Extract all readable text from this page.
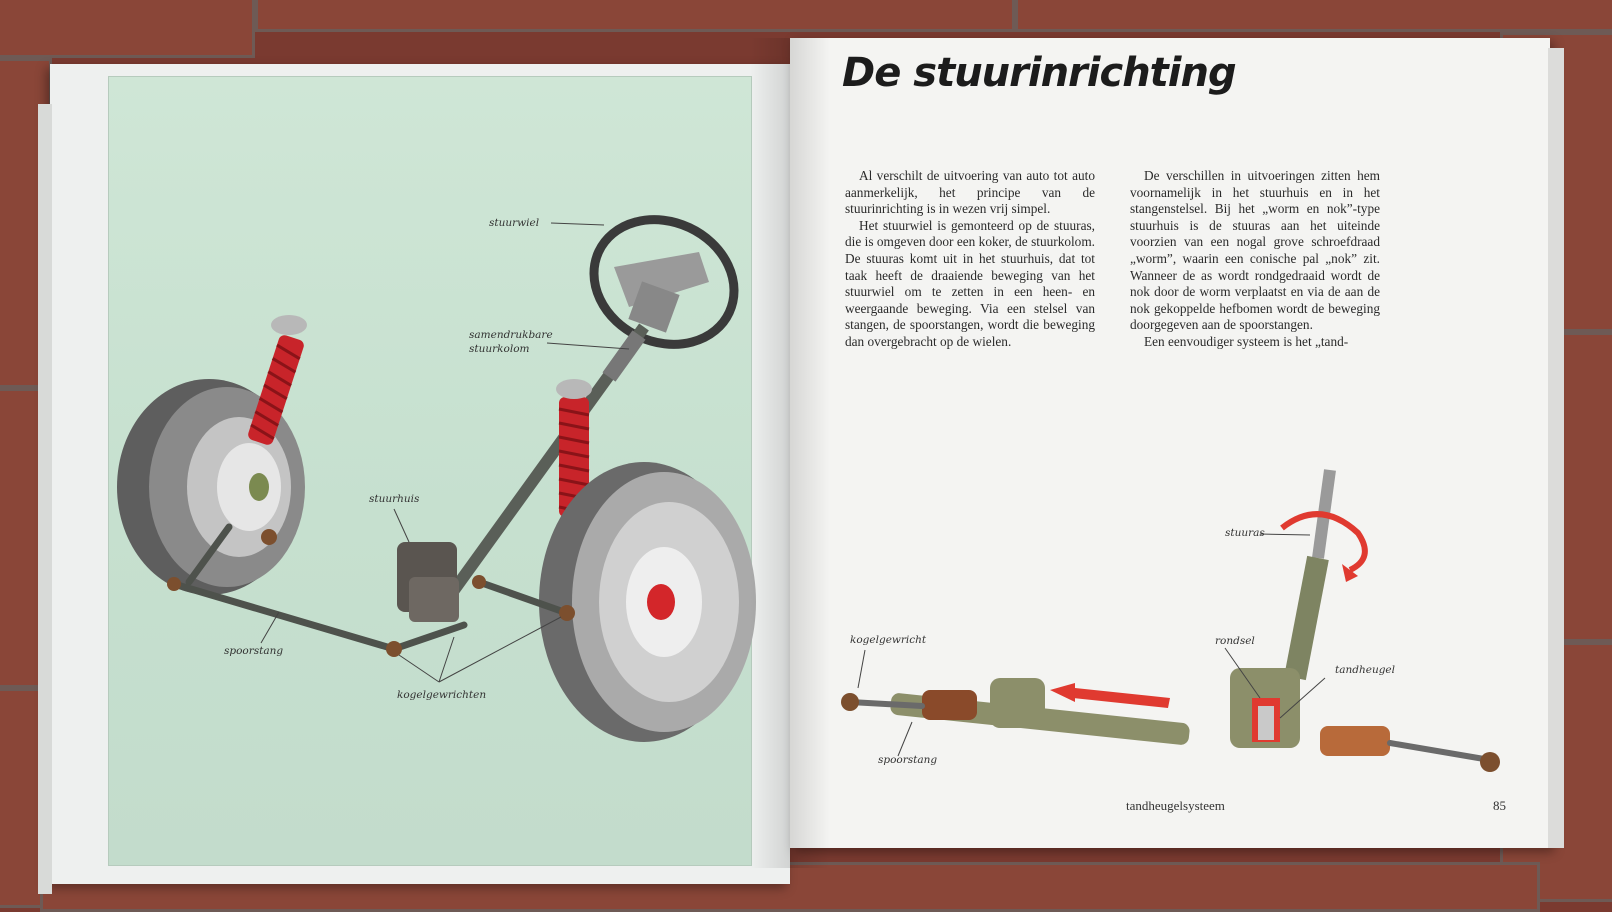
stuurwiel
samendrukbare
stuurkolom
stuurhuis
spoorstang
kogelgewrichten
De stuurinrichting

Al verschilt de uitvoering van auto tot auto aanmerkelijk, het principe van de stuurinrichting is in wezen vrij simpel.

Het stuurwiel is gemonteerd op de stuuras, die is omgeven door een koker, de stuurkolom. De stuuras komt uit in het stuurhuis, dat tot taak heeft de draaiende beweging van het stuurwiel om te zetten in een heen- en weergaande beweging. Via een stelsel van stangen, de spoorstangen, wordt die beweging dan overgebracht op de wielen.

De verschillen in uitvoeringen zitten hem voornamelijk in het stuurhuis en in het stangenstelsel. Bij het „worm en nok”-type stuurhuis is de stuuras aan het uiteinde voorzien van een nogal grove schroefdraad „worm”, waarin een conische pal „nok” zit. Wanneer de as wordt rondgedraaid wordt de nok door de worm verplaatst en via de aan de nok gekoppelde hefbomen wordt de beweging doorgegeven aan de spoorstangen.

Een eenvoudiger systeem is het „tand-

stuuras
kogelgewricht	rondsel
tandheugel
spoorstang
tandheugelsysteem	85
